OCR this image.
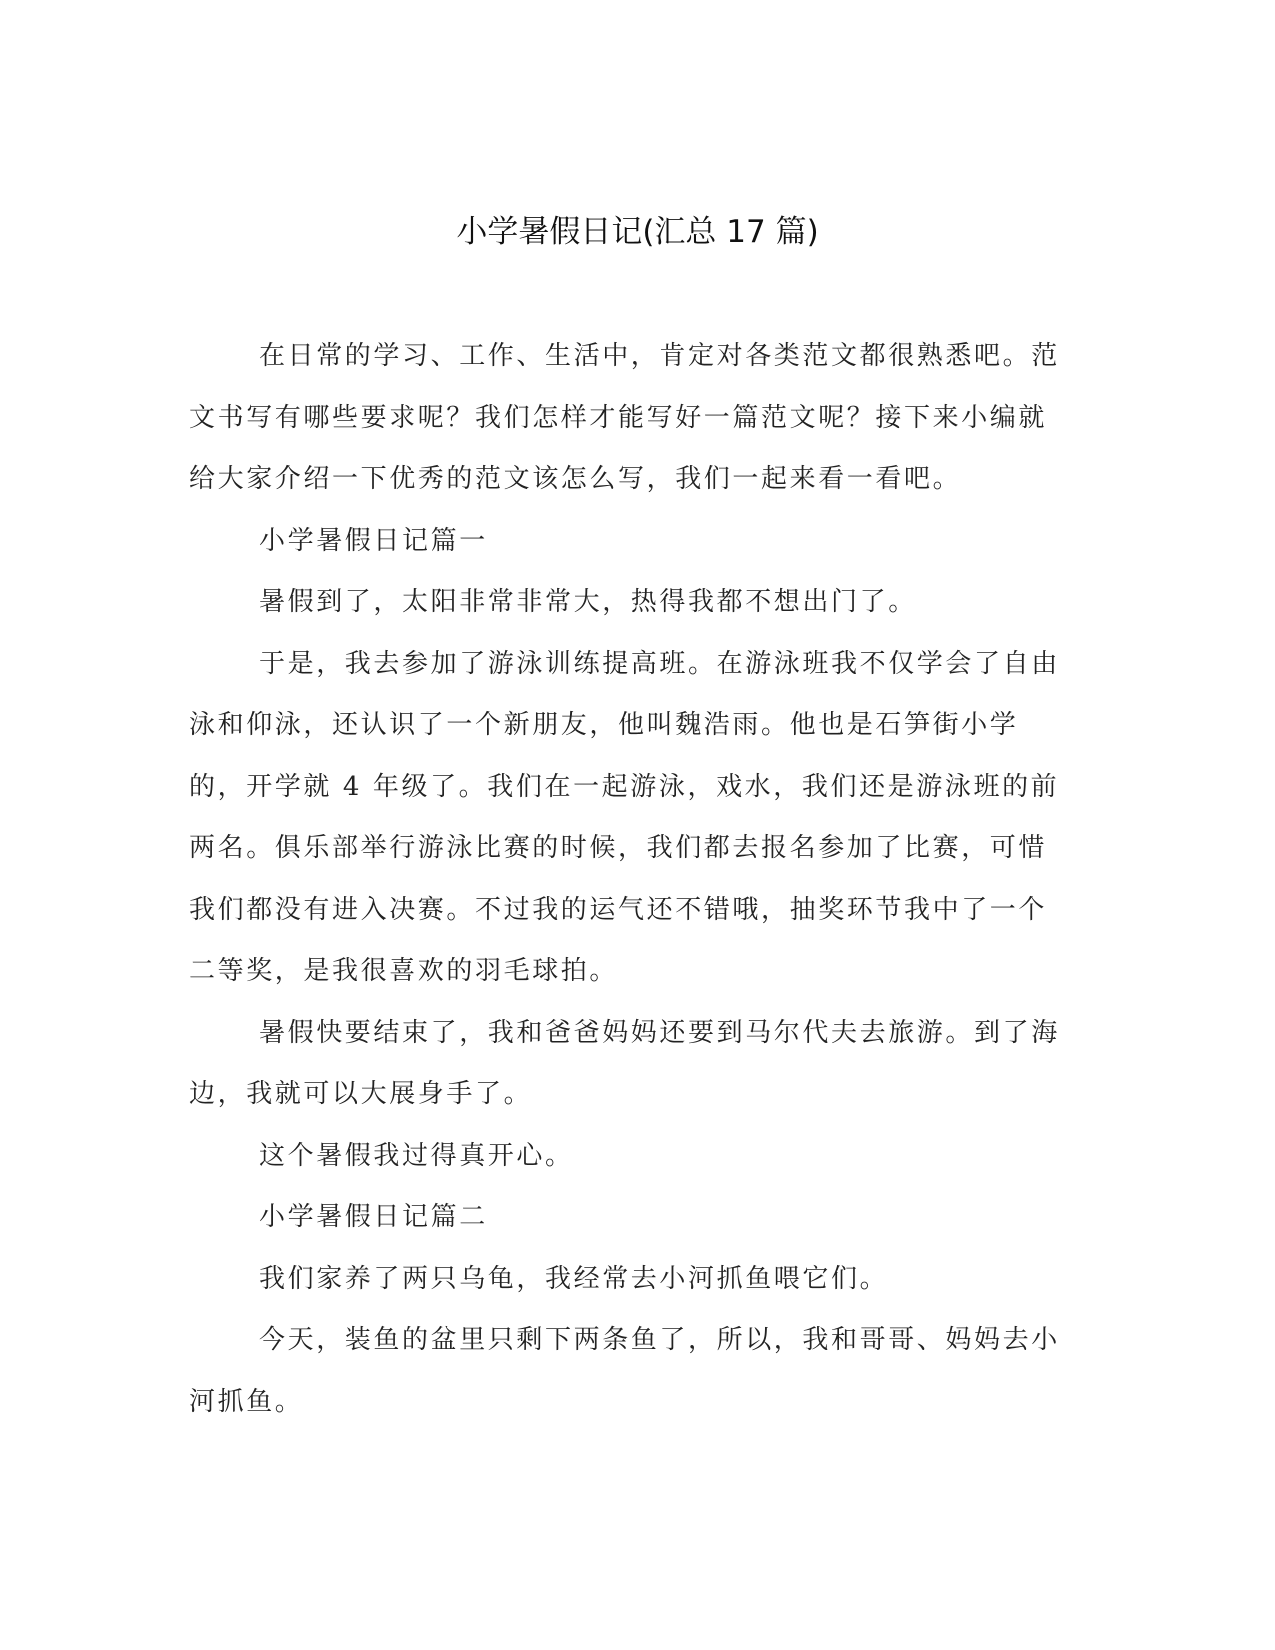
小学暑假日记(汇总 17 篇)

在日常的学习、工作、生活中，肯定对各类范文都很熟悉吧。范文书写有哪些要求呢？我们怎样才能写好一篇范文呢？接下来小编就给大家介绍一下优秀的范文该怎么写，我们一起来看一看吧。

小学暑假日记篇一

暑假到了，太阳非常非常大，热得我都不想出门了。

于是，我去参加了游泳训练提高班。在游泳班我不仅学会了自由泳和仰泳，还认识了一个新朋友，他叫魏浩雨。他也是石笋街小学的，开学就 4 年级了。我们在一起游泳，戏水，我们还是游泳班的前两名。俱乐部举行游泳比赛的时候，我们都去报名参加了比赛，可惜我们都没有进入决赛。不过我的运气还不错哦，抽奖环节我中了一个二等奖，是我很喜欢的羽毛球拍。

暑假快要结束了，我和爸爸妈妈还要到马尔代夫去旅游。到了海边，我就可以大展身手了。

这个暑假我过得真开心。

小学暑假日记篇二

我们家养了两只乌龟，我经常去小河抓鱼喂它们。

今天，装鱼的盆里只剩下两条鱼了，所以，我和哥哥、妈妈去小河抓鱼。
